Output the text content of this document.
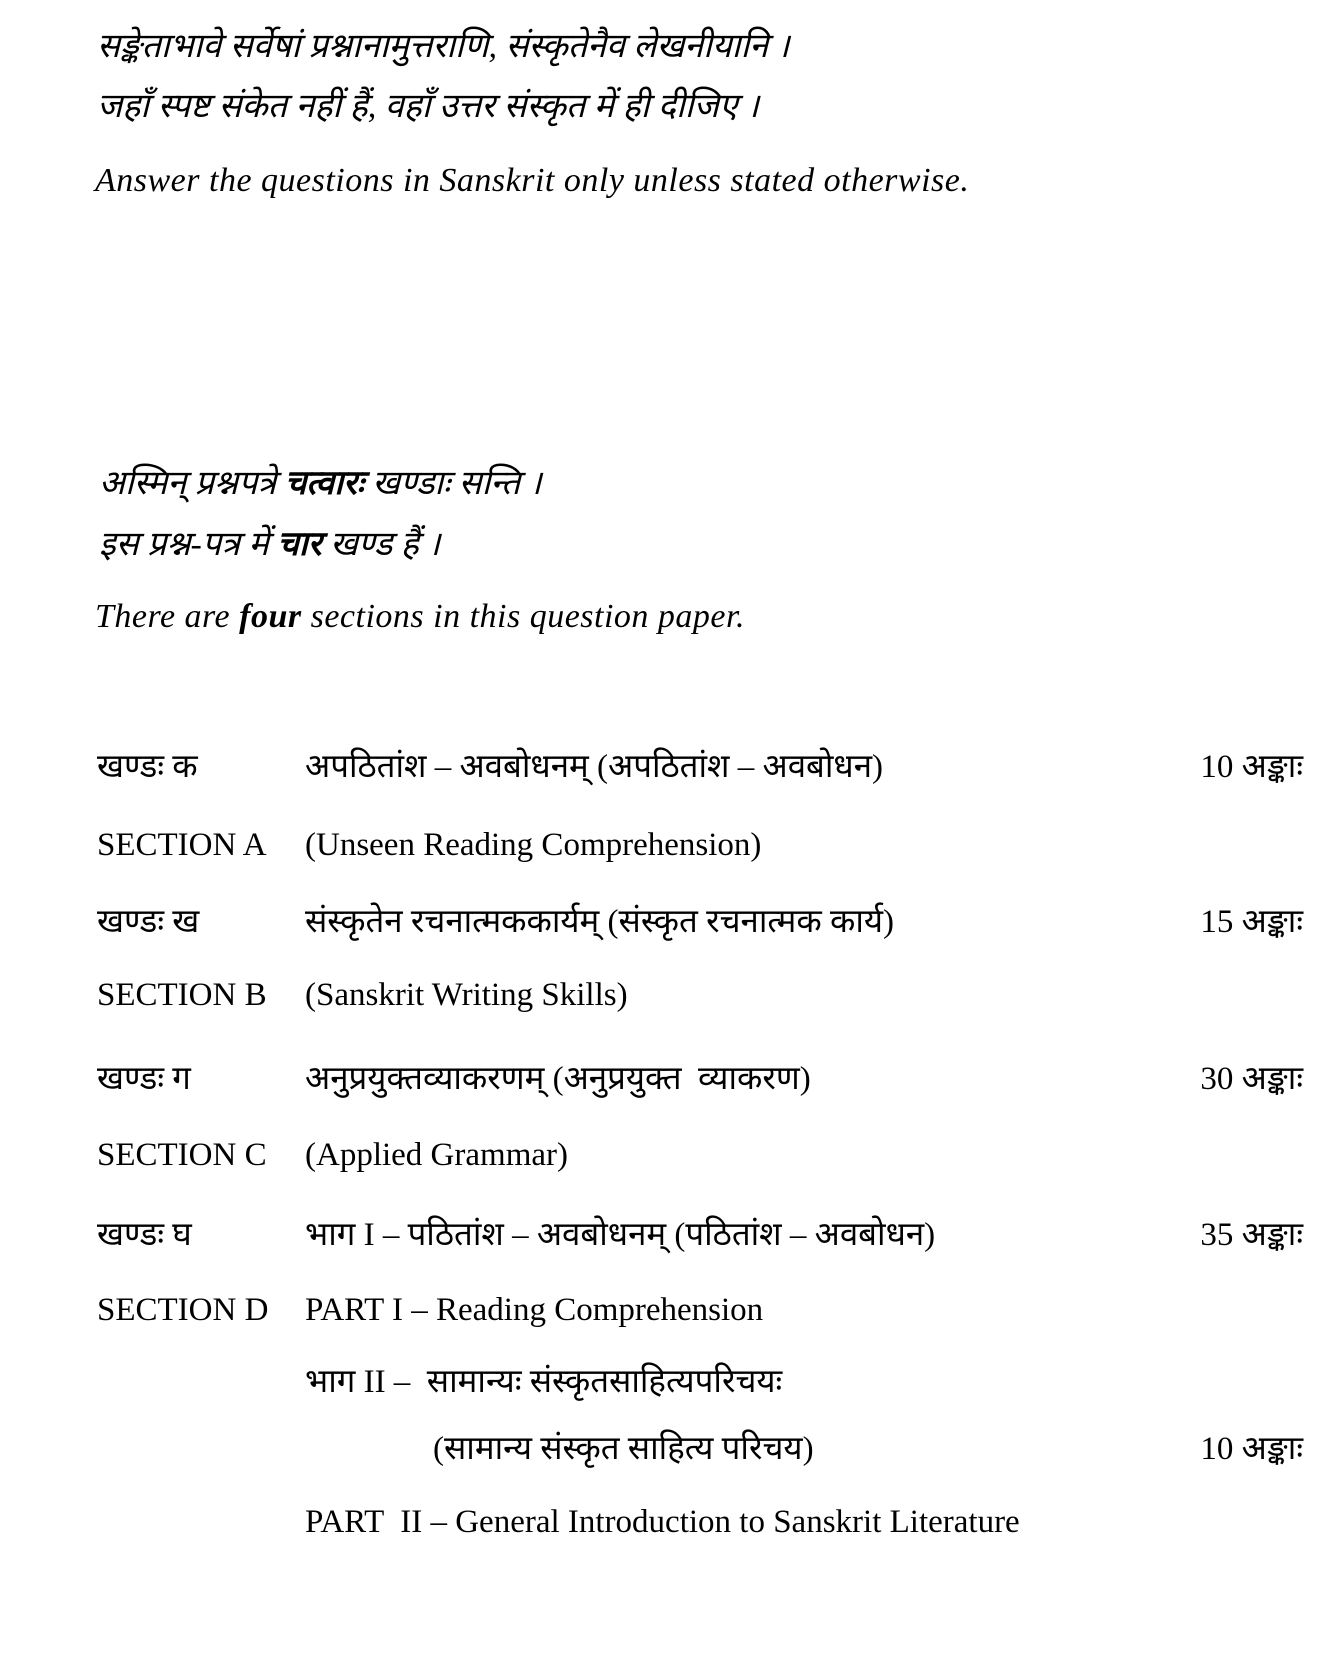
सङ्केताभावे सर्वेषां प्रश्नानामुत्तराणि, संस्कृतेनैव लेखनीयानि ।

जहाँ स्पष्ट संकेत नहीं हैं, वहाँ उत्तर संस्कृत में ही दीजिए ।

Answer the questions in Sanskrit only unless stated otherwise.

अस्मिन् प्रश्नपत्रे चत्वारः खण्डाः सन्ति ।

इस प्रश्न-पत्र में चार खण्ड हैं ।

There are four sections in this question paper.

खण्डः क	अपठितांश – अवबोधनम् (अपठितांश – अवबोधन)	10 अङ्काः
SECTION A	(Unseen Reading Comprehension)
खण्डः ख	संस्कृतेन रचनात्मककार्यम् (संस्कृत रचनात्मक कार्य)	15 अङ्काः
SECTION B	(Sanskrit Writing Skills)
खण्डः ग	अनुप्रयुक्तव्याकरणम् (अनुप्रयुक्त  व्याकरण)	30 अङ्काः
SECTION C	(Applied Grammar)
खण्डः घ	भाग I – पठितांश – अवबोधनम् (पठितांश – अवबोधन)	35 अङ्काः
SECTION D	PART I – Reading Comprehension
भाग II –  सामान्यः संस्कृतसाहित्यपरिचयः
(सामान्य संस्कृत साहित्य परिचय)	10 अङ्काः
PART  II – General Introduction to Sanskrit Literature
